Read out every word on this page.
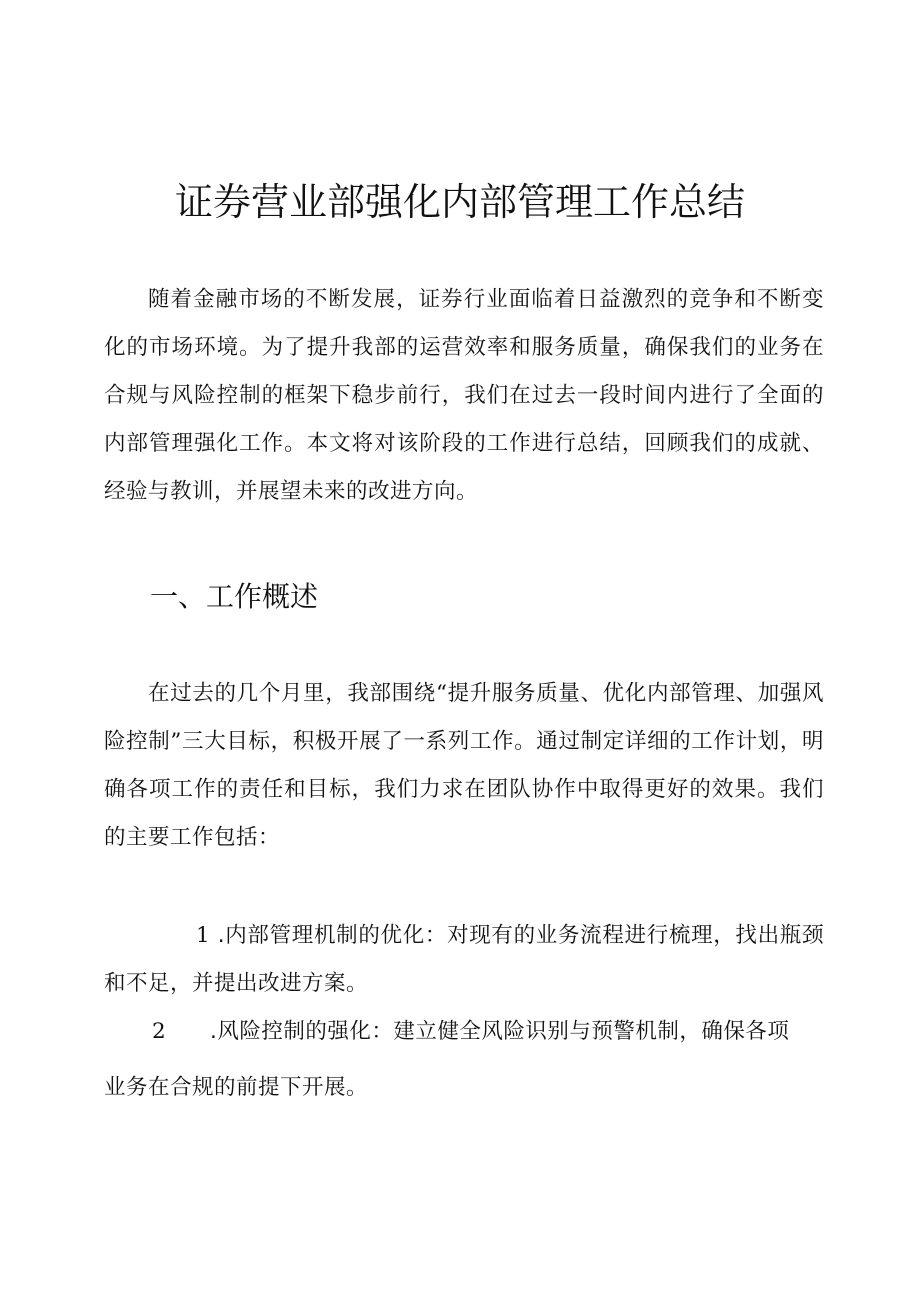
证券营业部强化内部管理工作总结

随着金融市场的不断发展，证券行业面临着日益激烈的竞争和不断变化的市场环境。为了提升我部的运营效率和服务质量，确保我们的业务在合规与风险控制的框架下稳步前行，我们在过去一段时间内进行了全面的内部管理强化工作。本文将对该阶段的工作进行总结，回顾我们的成就、经验与教训，并展望未来的改进方向。

一、工作概述

在过去的几个月里，我部围绕“提升服务质量、优化内部管理、加强风险控制”三大目标，积极开展了一系列工作。通过制定详细的工作计划，明确各项工作的责任和目标，我们力求在团队协作中取得更好的效果。我们的主要工作包括：

1 .内部管理机制的优化：对现有的业务流程进行梳理，找出瓶颈和不足，并提出改进方案。

2 .风险控制的强化：建立健全风险识别与预警机制，确保各项

业务在合规的前提下开展。
